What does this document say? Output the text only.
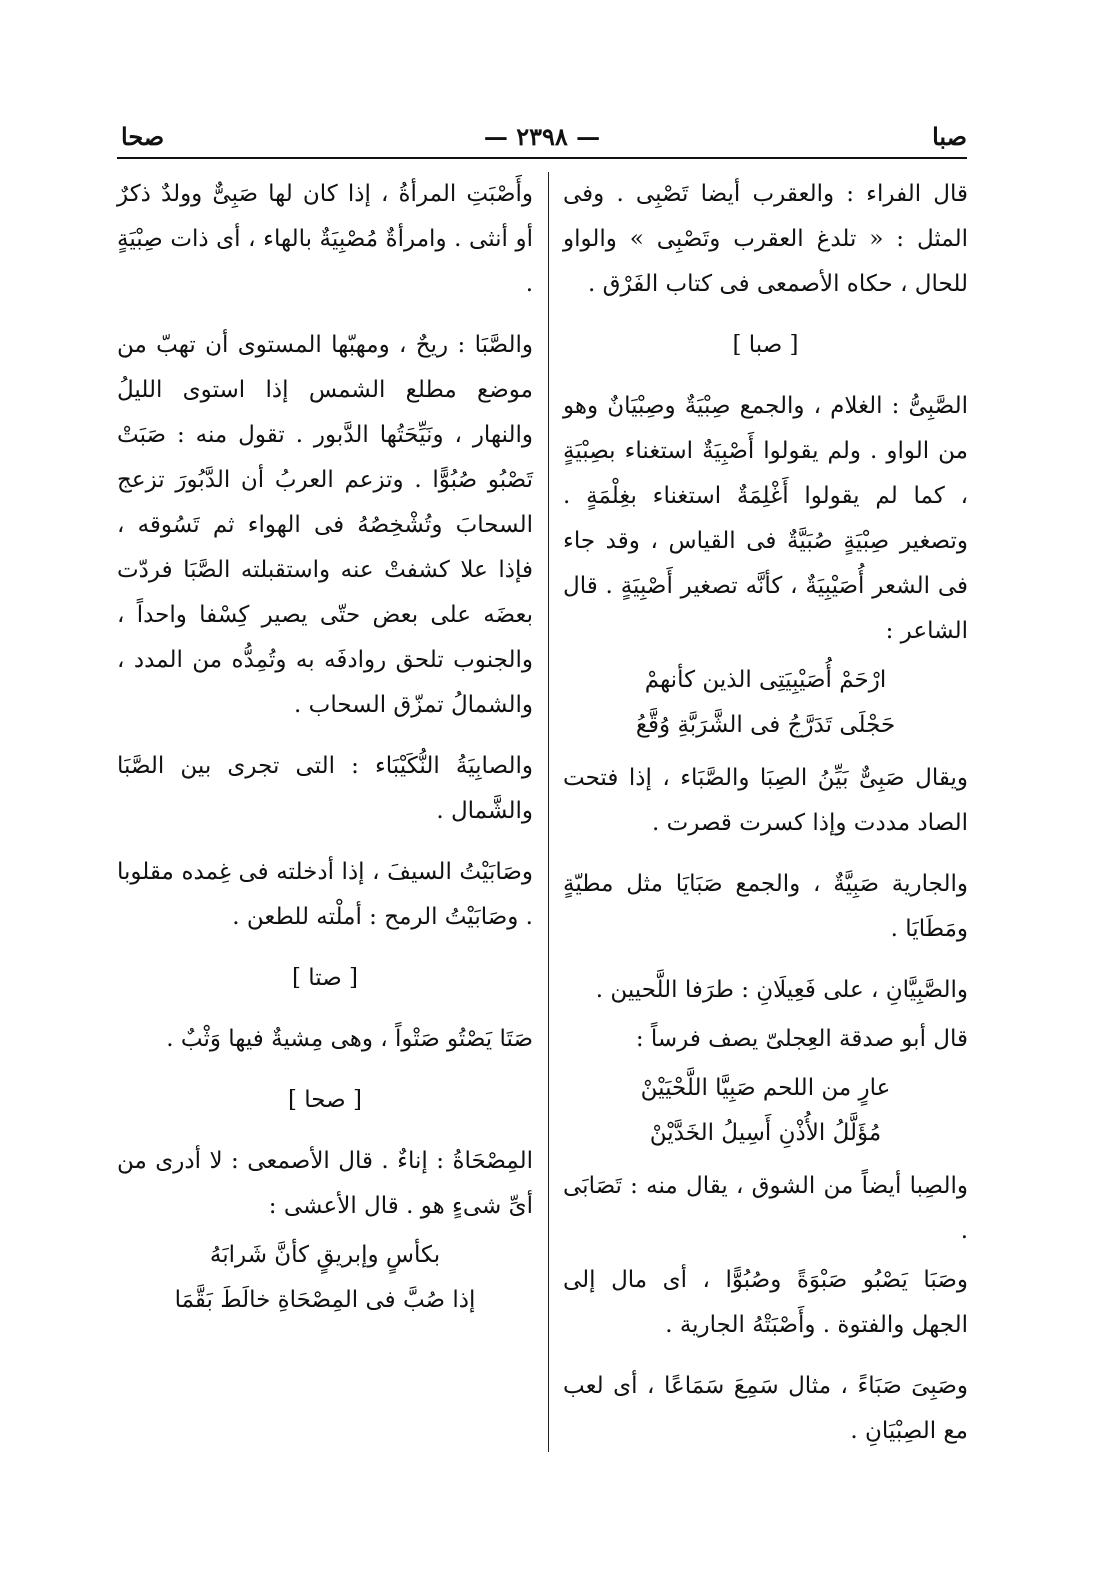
صبا
— ٢٣٩٨ —
صحا

قال الفراء : والعقرب أيضا تَصْبِى . وفى المثل : « تلدغ العقرب وتَصْبِى » والواو للحال ، حكاه الأصمعى فى كتاب الفَرْق .

[ صبا ]

الصَّبِىُّ : الغلام ، والجمع صِبْيَةٌ وصِبْيَانٌ وهو من الواو . ولم يقولوا أَصْبِيَةٌ استغناء بصِبْيَةٍ ، كما لم يقولوا أَغْلِمَةٌ استغناء بغِلْمَةٍ . وتصغير صِبْيَةٍ صُبَيَّةٌ فى القياس ، وقد جاء فى الشعر أُصَيْبِيَةٌ ، كأنَّه تصغير أَصْبِيَةٍ . قال الشاعر :

ارْحَمْ أُصَيْبِيَتِى الذين كأنهمْ
حَجْلَى تَدَرَّجُ فى الشَّرَبَّةِ وُقَّعُ

ويقال صَبِىٌّ بَيِّنُ الصِبَا والصَّبَاء ، إذا فتحت الصاد مددت وإذا كسرت قصرت .

والجارية صَبِيَّةٌ ، والجمع صَبَايَا مثل مطيّةٍ ومَطَايَا .

والصَّبِيَّانِ ، على فَعِيلَانِ : طرَفا اللَّحيين .

قال أبو صدقة العِجلىّ يصف فرساً :

عارٍ من اللحم صَبِيَّا اللَّحْيَيْنْ
مُؤَلَّلُ الأُذْنِ أَسِيلُ الخَدَّيْنْ

والصِبا أيضاً من الشوق ، يقال منه : تَصَابَى .

وصَبَا يَصْبُو صَبْوَةً وصُبُوًّا ، أى مال إلى الجهل والفتوة . وأَصْبَتْهُ الجارية .

وصَبِىَ صَبَاءً ، مثال سَمِعَ سَمَاعًا ، أى لعب مع الصِبْيَانِ .

وأَصْبَتِ المرأةُ ، إذا كان لها صَبِىٌّ وولدٌ ذكرٌ أو أنثى . وامرأةٌ مُصْبِيَةٌ بالهاء ، أى ذات صِبْيَةٍ .

والصَّبَا : ريحٌ ، ومهبّها المستوى أن تهبّ من موضع مطلع الشمس إذا استوى الليلُ والنهار ، ونَيِّحَتُها الدَّبور . تقول منه : صَبَتْ تَصْبُو صُبُوًّا . وتزعم العربُ أن الدَّبُورَ تزعج السحابَ وتُشْخِصُهُ فى الهواء ثم تَسُوقه ، فإذا علا كشفتْ عنه واستقبلته الصَّبَا فردّت بعضَه على بعض حتّى يصير كِسْفا واحداً ، والجنوب تلحق روادفَه به وتُمِدُّه من المدد ، والشمالُ تمزّق السحاب .

والصابِيَةُ النُّكَيْبَاء : التى تجرى بين الصَّبَا والشَّمال .

وصَابَيْتُ السيفَ ، إذا أدخلته فى غِمده مقلوبا . وصَابَيْتُ الرمح : أملْته للطعن .

[ صتا ]

صَتَا يَصْتُو صَتْواً ، وهى مِشيةٌ فيها وَثْبٌ .

[ صحا ]

المِصْحَاةُ : إناءٌ . قال الأصمعى : لا أدرى من أىِّ شىءٍ هو . قال الأعشى :

بكأسٍ وإبريقٍ كأنَّ شَرابَهُ
إذا صُبَّ فى المِصْحَاةِ خالَطَ بَقَّمَا
